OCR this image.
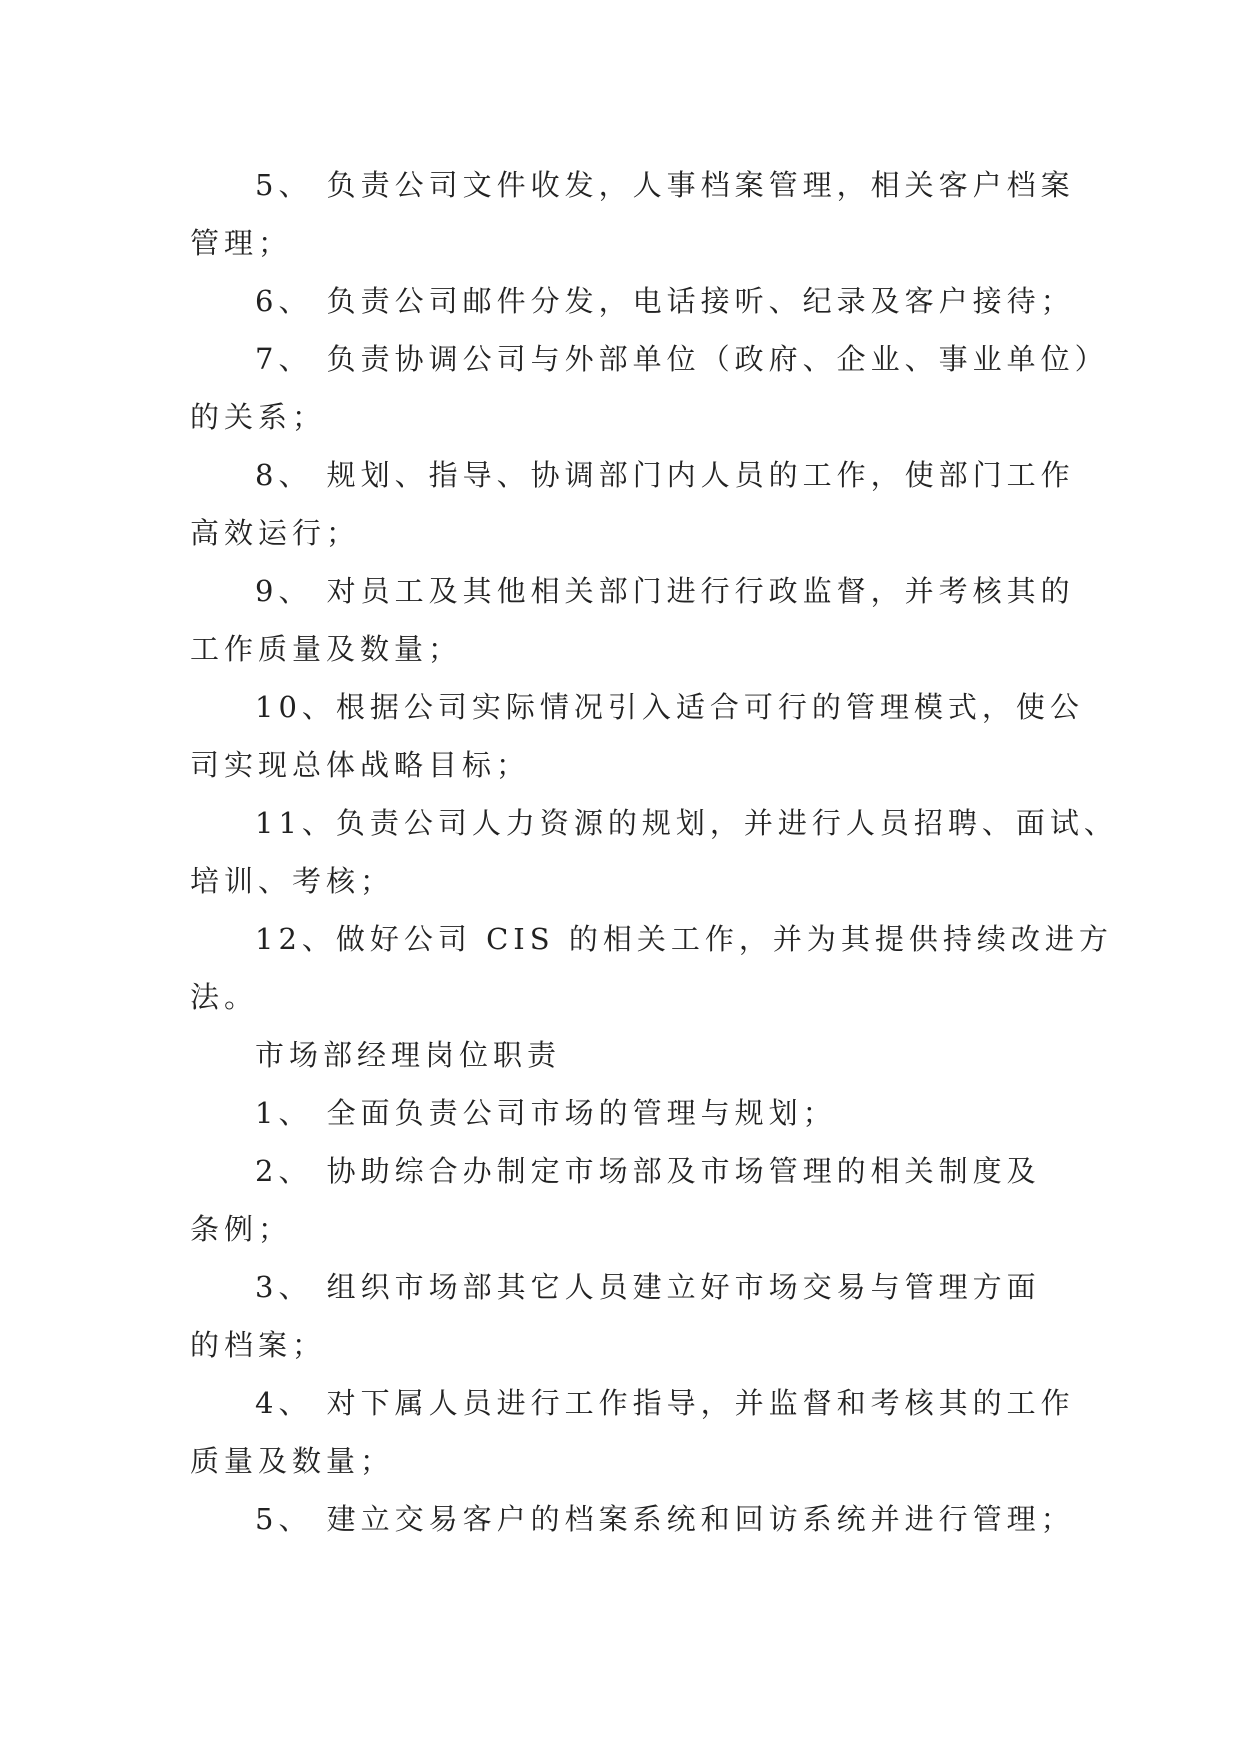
5、 负责公司文件收发，人事档案管理，相关客户档案
管理；
6、 负责公司邮件分发，电话接听、纪录及客户接待；
7、 负责协调公司与外部单位（政府、企业、事业单位）
的关系；
8、 规划、指导、协调部门内人员的工作，使部门工作
高效运行；
9、 对员工及其他相关部门进行行政监督，并考核其的
工作质量及数量；
10、根据公司实际情况引入适合可行的管理模式，使公
司实现总体战略目标；
11、负责公司人力资源的规划，并进行人员招聘、面试、
培训、考核；
12、做好公司 CIS 的相关工作，并为其提供持续改进方
法。
市场部经理岗位职责
1、 全面负责公司市场的管理与规划；
2、 协助综合办制定市场部及市场管理的相关制度及
条例；
3、 组织市场部其它人员建立好市场交易与管理方面
的档案；
4、 对下属人员进行工作指导，并监督和考核其的工作
质量及数量；
5、 建立交易客户的档案系统和回访系统并进行管理；
